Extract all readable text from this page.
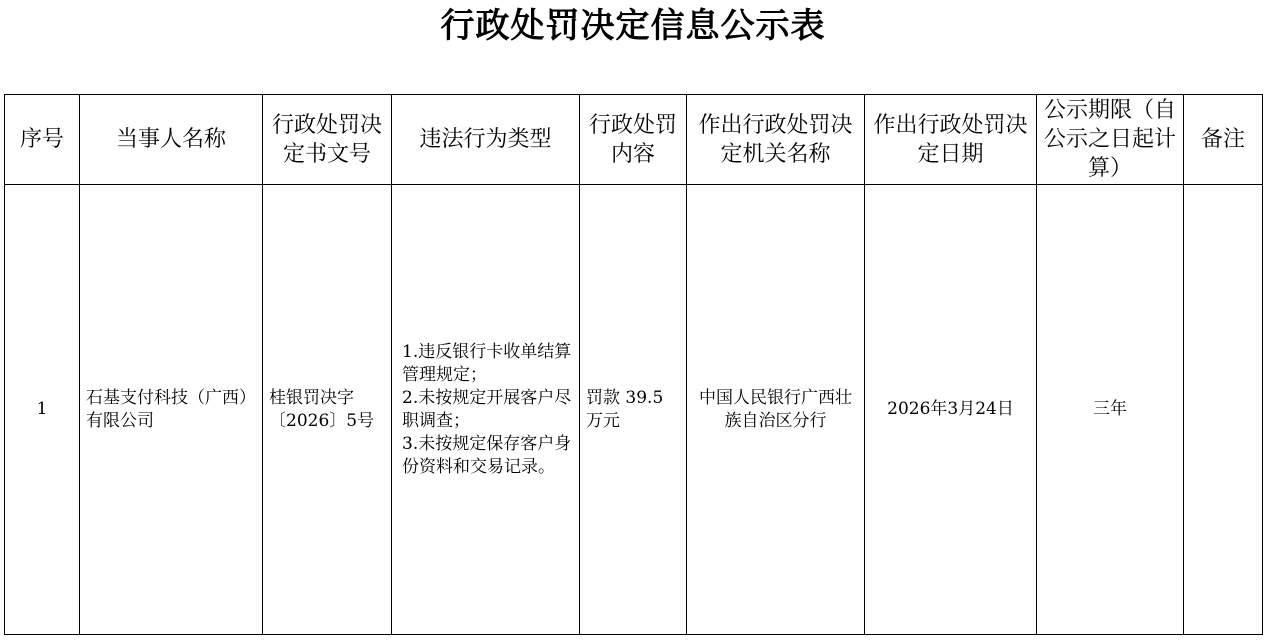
行政处罚决定信息公示表
序号	当事人名称	行政处罚决定书文号	违法行为类型	行政处罚内容	作出行政处罚决定机关名称	作出行政处罚决定日期	公示期限（自公示之日起计算）	备注
1	石基支付科技（广西）有限公司	桂银罚决字〔2026〕5号	1.违反银行卡收单结算管理规定；
2.未按规定开展客户尽职调查；
3.未按规定保存客户身份资料和交易记录。	罚款 39.5 万元	中国人民银行广西壮族自治区分行	2026年3月24日	三年	
